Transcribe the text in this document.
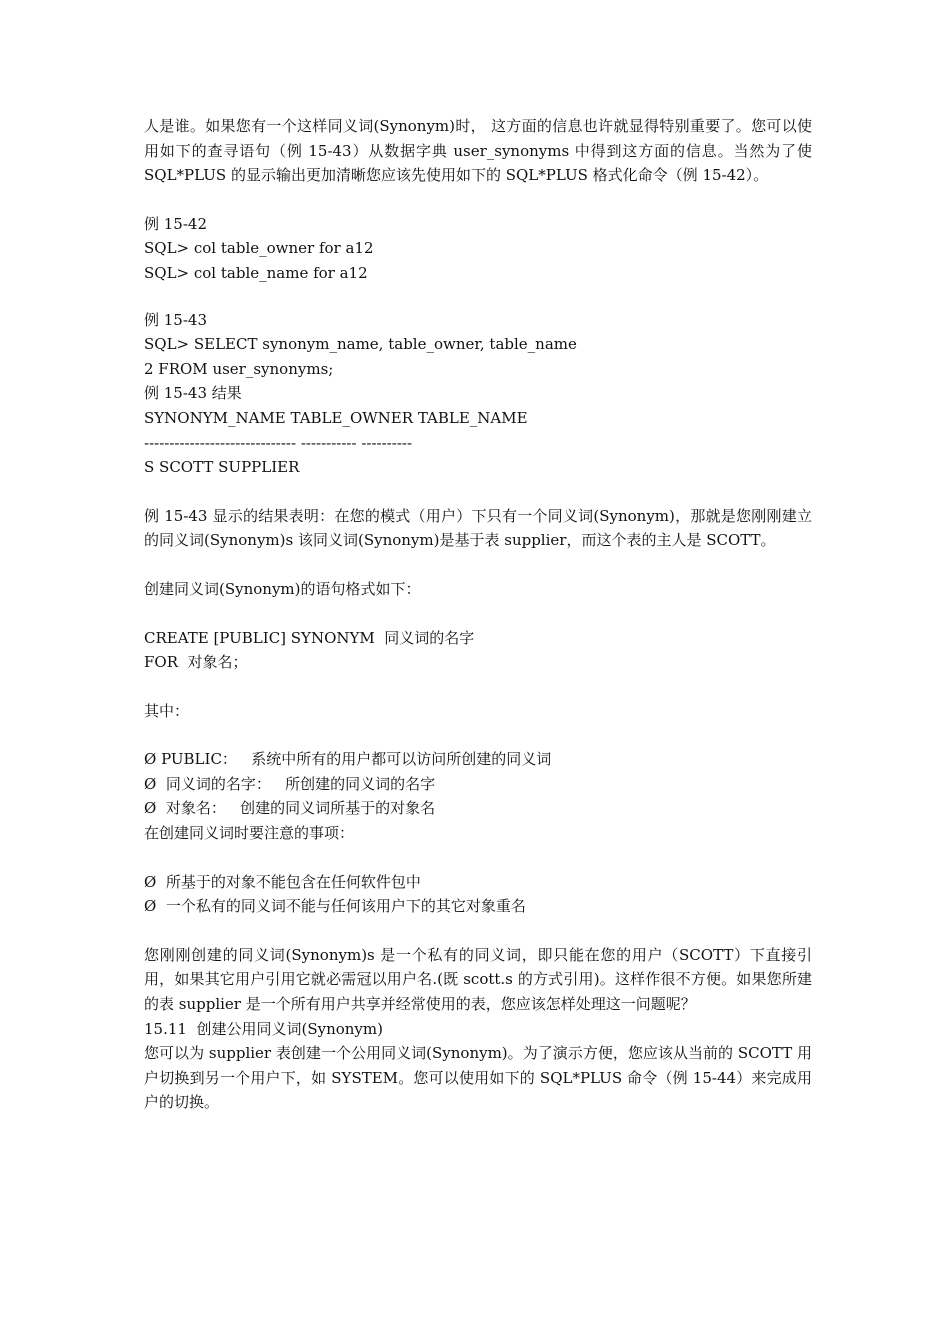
人是谁。如果您有一个这样同义词(Synonym)时， 这方面的信息也许就显得特别重要了。您可以使用如下的查寻语句（例 15-43）从数据字典 user_synonyms 中得到这方面的信息。当然为了使 SQL*PLUS 的显示输出更加清晰您应该先使用如下的 SQL*PLUS 格式化命令（例 15-42）。

例 15-42

SQL> col table_owner for a12

SQL> col table_name for a12

例 15-43

SQL> SELECT synonym_name, table_owner, table_name

2 FROM user_synonyms;

例 15-43 结果

SYNONYM_NAME TABLE_OWNER TABLE_NAME

------------------------------ ----------- ----------

S SCOTT SUPPLIER

例 15-43 显示的结果表明：在您的模式（用户）下只有一个同义词(Synonym)，那就是您刚刚建立的同义词(Synonym)s 该同义词(Synonym)是基于表 supplier，而这个表的主人是 SCOTT。

创建同义词(Synonym)的语句格式如下：

CREATE [PUBLIC] SYNONYM  同义词的名字

FOR  对象名；

其中：

Ø PUBLIC：   系统中所有的用户都可以访问所创建的同义词

Ø  同义词的名字：   所创建的同义词的名字

Ø  对象名：   创建的同义词所基于的对象名

在创建同义词时要注意的事项：

Ø  所基于的对象不能包含在任何软件包中

Ø  一个私有的同义词不能与任何该用户下的其它对象重名

您刚刚创建的同义词(Synonym)s 是一个私有的同义词，即只能在您的用户（SCOTT）下直接引用，如果其它用户引用它就必需冠以用户名.(既 scott.s 的方式引用)。这样作很不方便。如果您所建的表 supplier 是一个所有用户共享并经常使用的表，您应该怎样处理这一问题呢？

15.11  创建公用同义词(Synonym)

您可以为 supplier 表创建一个公用同义词(Synonym)。为了演示方便，您应该从当前的 SCOTT 用户切换到另一个用户下，如 SYSTEM。您可以使用如下的 SQL*PLUS 命令（例 15-44）来完成用户的切换。
